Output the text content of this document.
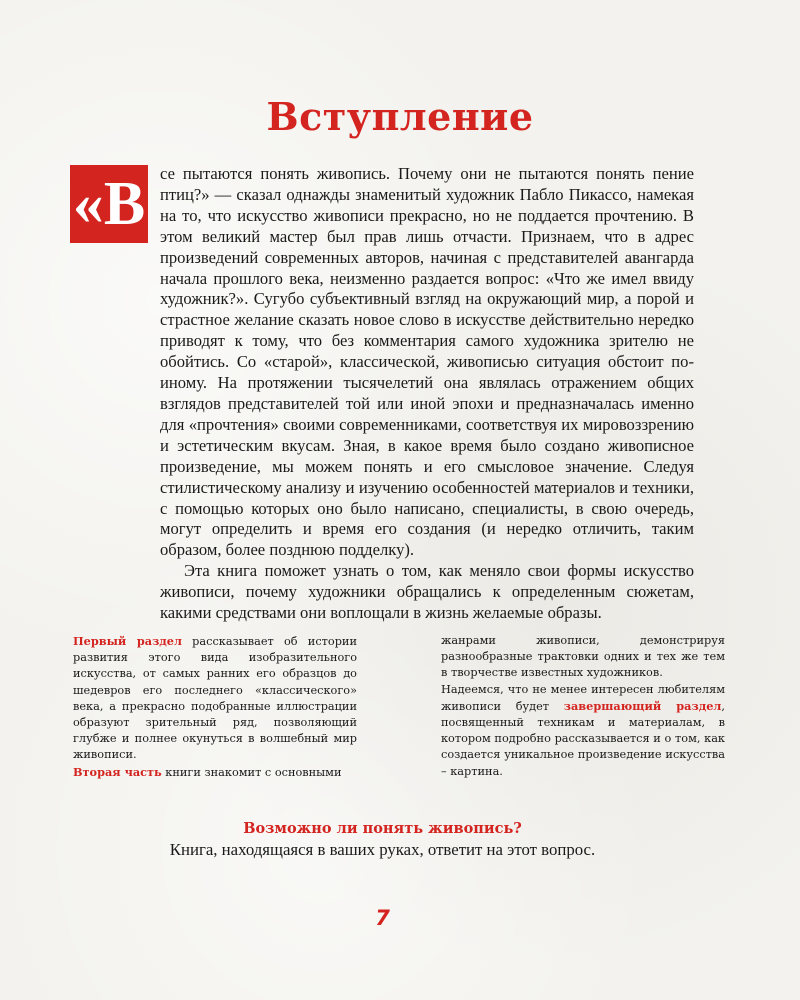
Вступление
«В се пытаются понять живопись. Почему они не пытаются понять пение птиц?» — сказал однажды знаменитый художник Пабло Пикассо, намекая на то, что искусство живописи прекрасно, но не поддается прочтению. В этом великий мастер был прав лишь отчасти. Признаем, что в адрес произведений современных авторов, начиная с представителей авангарда начала прошлого века, неизменно раздается вопрос: «Что же имел ввиду художник?». Сугубо субъективный взгляд на окружающий мир, а порой и страстное желание сказать новое слово в искусстве действительно нередко приводят к тому, что без комментария самого художника зрителю не обойтись. Со «старой», классической, живописью ситуация обстоит по-иному. На протяжении тысячелетий она являлась отражением общих взглядов представителей той или иной эпохи и предназначалась именно для «прочтения» своими современниками, соответствуя их мировоззрению и эстетическим вкусам. Зная, в какое время было создано живописное произведение, мы можем понять и его смысловое значение. Следуя стилистическому анализу и изучению особенностей материалов и техники, с помощью которых оно было написано, специалисты, в свою очередь, могут определить и время его создания (и нередко отличить, таким образом, более позднюю подделку).

Эта книга поможет узнать о том, как меняло свои формы искусство живописи, почему художники обращались к определенным сюжетам, какими средствами они воплощали в жизнь желаемые образы.

Первый раздел рассказывает об истории развития этого вида изобразительного искусства, от самых ранних его образцов до шедевров его последнего «классического» века, а прекрасно подобранные иллюстрации образуют зрительный ряд, позволяющий глубже и полнее окунуться в волшебный мир живописи.

Вторая часть книги знакомит с основными

жанрами живописи, демонстрируя разнообразные трактовки одних и тех же тем в творчестве известных художников.

Надеемся, что не менее интересен любителям живописи будет завершающий раздел, посвященный техникам и материалам, в котором подробно рассказывается и о том, как создается уникальное произведение искусства – картина.

Возможно ли понять живопись?
Книга, находящаяся в ваших руках, ответит на этот вопрос.
7
